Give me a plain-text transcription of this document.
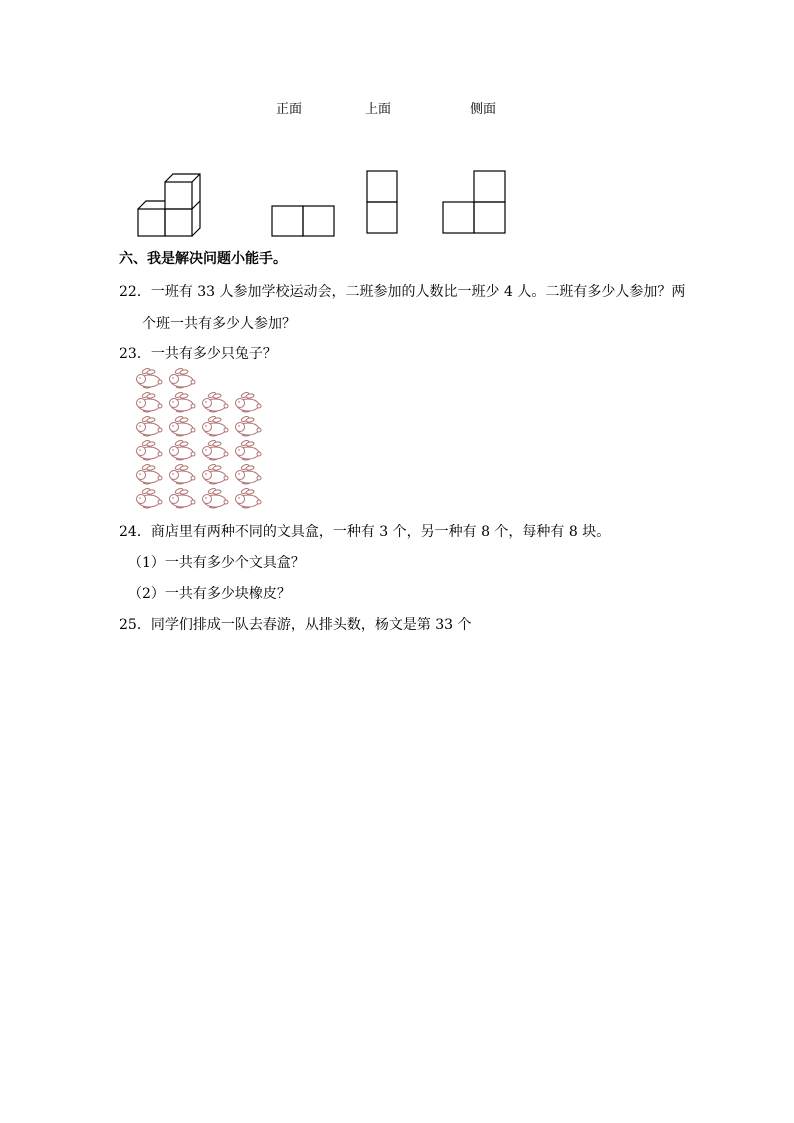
正面	上面	侧面
六、我是解决问题小能手。
22．一班有 33 人参加学校运动会，二班参加的人数比一班少 4 人。二班有多少人参加？两
个班一共有多少人参加？
23．一共有多少只兔子？
24．商店里有两种不同的文具盒，一种有 3 个，另一种有 8 个，每种有 8 块。
（1）一共有多少个文具盒？
（2）一共有多少块橡皮？
25．同学们排成一队去春游，从排头数，杨文是第 33 个
